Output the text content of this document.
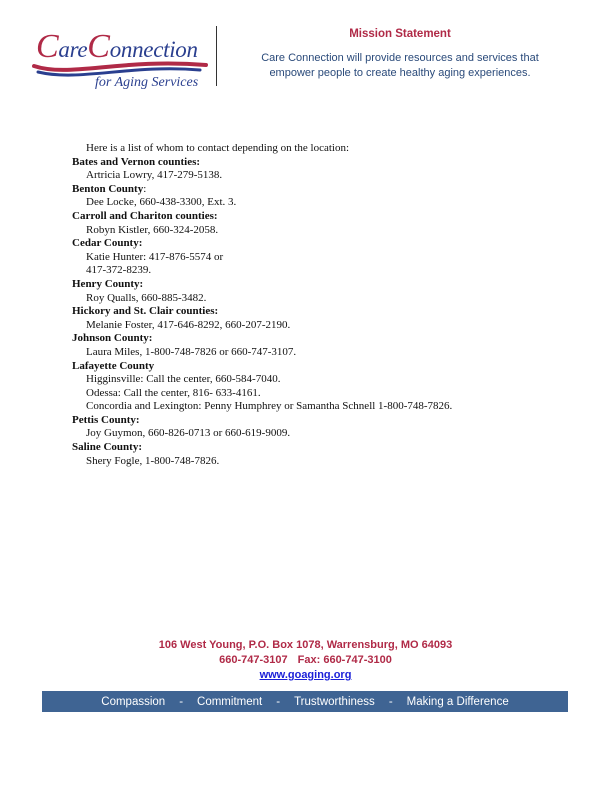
CareConnection
for Aging Services
Mission Statement
Care Connection will provide resources and services that
empower people to create healthy aging experiences.
Here is a list of whom to contact depending on the location:
Bates and Vernon counties:
Artricia Lowry, 417-279-5138.
Benton County:
Dee Locke, 660-438-3300, Ext. 3.
Carroll and Chariton counties:
Robyn Kistler, 660-324-2058.
Cedar County:
Katie Hunter: 417-876-5574 or
417-372-8239.
Henry County:
Roy Qualls, 660-885-3482.
Hickory and St. Clair counties:
Melanie Foster, 417-646-8292, 660-207-2190.
Johnson County:
Laura Miles, 1-800-748-7826 or 660-747-3107.
Lafayette County
Higginsville: Call the center, 660-584-7040.
Odessa: Call the center, 816- 633-4161.
Concordia and Lexington: Penny Humphrey or Samantha Schnell 1-800-748-7826.
Pettis County:
Joy Guymon, 660-826-0713 or 660-619-9009.
Saline County:
Shery Fogle, 1-800-748-7826.
106 West Young, P.O. Box 1078, Warrensburg, MO 64093
660-747-3107 Fax: 660-747-3100
www.goaging.org
Compassion - Commitment - Trustworthiness - Making a Difference
